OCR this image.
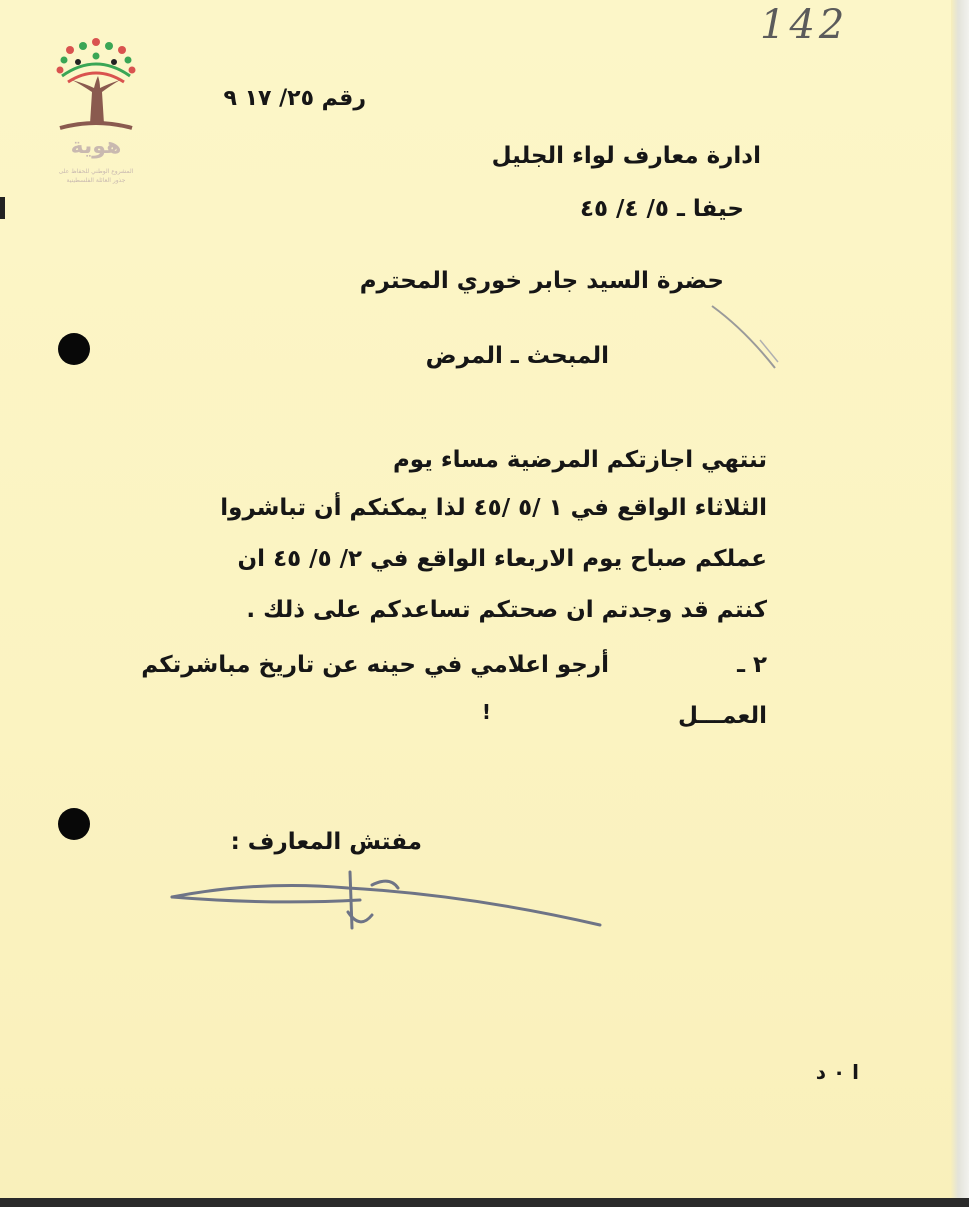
142
هوية
المشروع الوطني للحفاظ على
جذور العائلة الفلسطينية
رقم ٢٥/ ١٧ ٩
ادارة معارف لواء الجليل
حيفا ـ ٥/ ٤/ ٤٥
حضرة السيد جابر خوري المحترم
المبحث ـ المرض
تنتهي اجازتكم المرضية مساء يوم
الثلاثاء الواقع في ١ /٥ /٤٥ لذا يمكنكم أن تباشروا
عملكم صباح يوم الاربعاء الواقع في ٢/ ٥/ ٤٥ ان
كنتم قد وجدتم ان صحتكم تساعدكم على ذلك .
٢ ـ
أرجو اعلامي في حينه عن تاريخ مباشرتكم
العمـــل
!
مفتش المعارف :
ا ٠ د
